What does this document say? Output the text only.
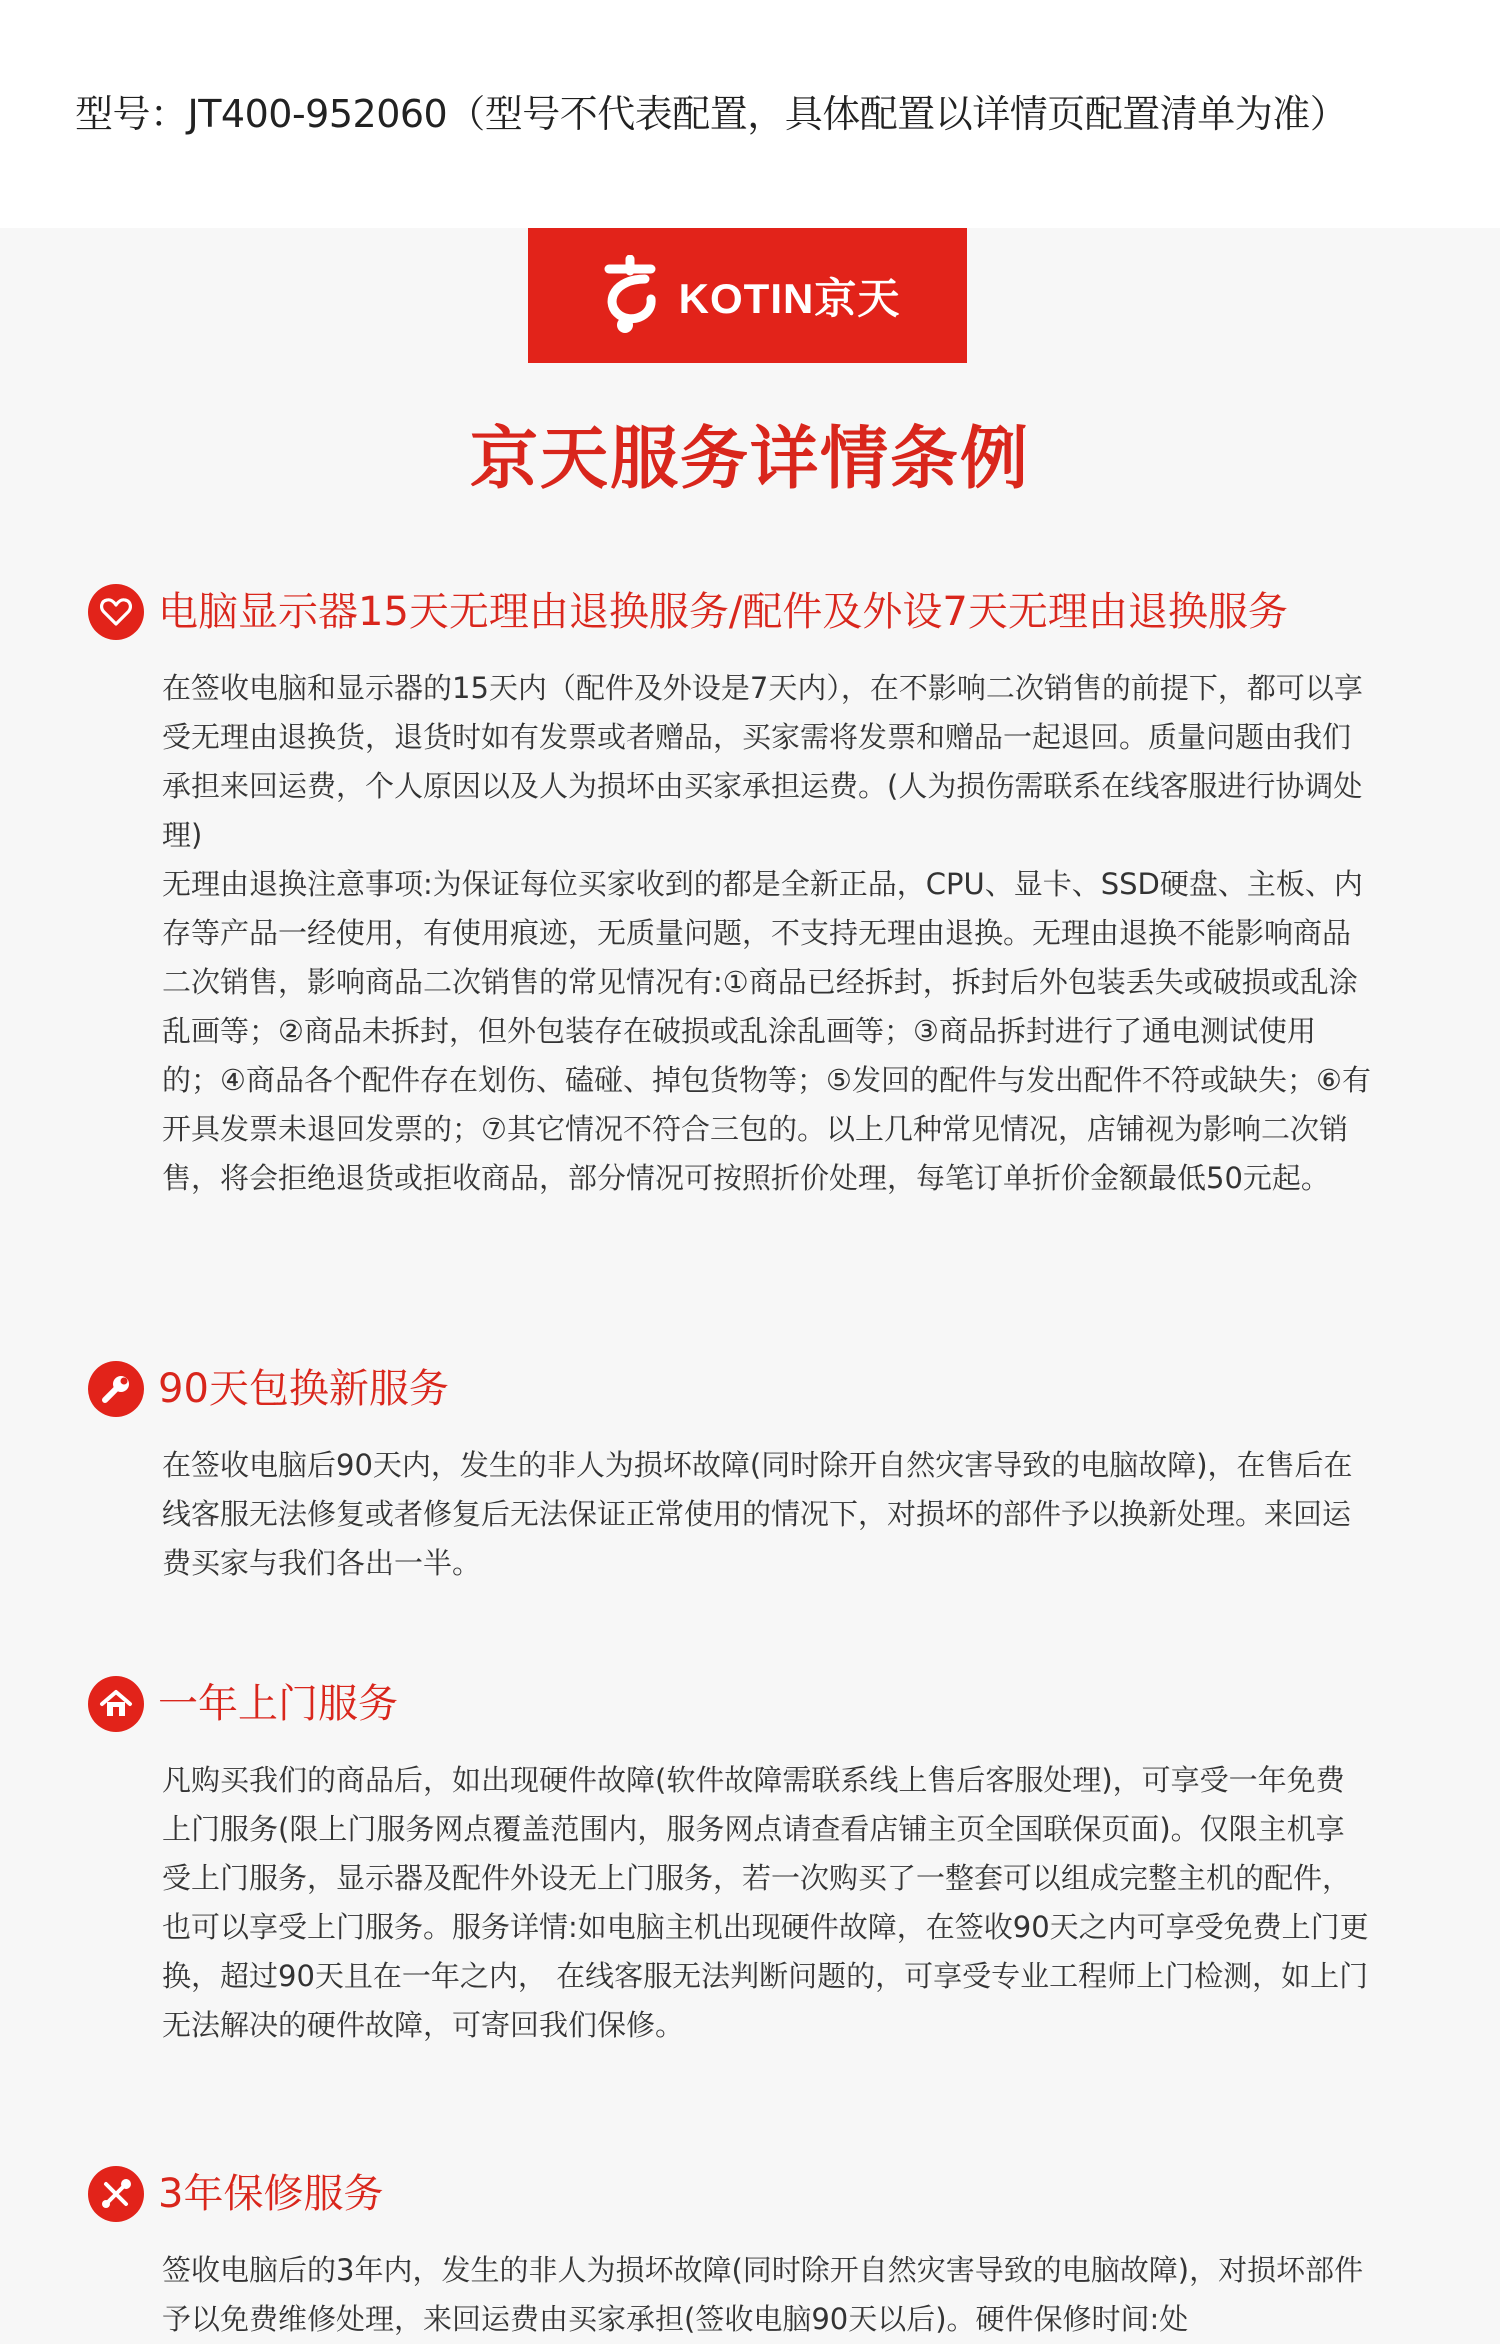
型号：JT400-952060（型号不代表配置，具体配置以详情页配置清单为准）
KOTIN京天
京天服务详情条例
电脑显示器15天无理由退换服务/配件及外设7天无理由退换服务

在签收电脑和显示器的15天内（配件及外设是7天内），在不影响二次销售的前提下，都可以享受无理由退换货，退货时如有发票或者赠品，买家需将发票和赠品一起退回。质量问题由我们承担来回运费，个人原因以及人为损坏由买家承担运费。(人为损伤需联系在线客服进行协调处理)

无理由退换注意事项:为保证每位买家收到的都是全新正品，CPU、显卡、SSD硬盘、主板、内存等产品一经使用，有使用痕迹，无质量问题，不支持无理由退换。无理由退换不能影响商品二次销售，影响商品二次销售的常见情况有:①商品已经拆封，拆封后外包装丢失或破损或乱涂乱画等；②商品未拆封，但外包装存在破损或乱涂乱画等；③商品拆封进行了通电测试使用的；④商品各个配件存在划伤、磕碰、掉包货物等；⑤发回的配件与发出配件不符或缺失；⑥有开具发票未退回发票的；⑦其它情况不符合三包的。以上几种常见情况，店铺视为影响二次销售，将会拒绝退货或拒收商品，部分情况可按照折价处理，每笔订单折价金额最低50元起。

90天包换新服务

在签收电脑后90天内，发生的非人为损坏故障(同时除开自然灾害导致的电脑故障)，在售后在线客服无法修复或者修复后无法保证正常使用的情况下，对损坏的部件予以换新处理。来回运费买家与我们各出一半。

一年上门服务

凡购买我们的商品后，如出现硬件故障(软件故障需联系线上售后客服处理)，可享受一年免费上门服务(限上门服务网点覆盖范围内，服务网点请查看店铺主页全国联保页面)。仅限主机享受上门服务，显示器及配件外设无上门服务，若一次购买了一整套可以组成完整主机的配件，也可以享受上门服务。服务详情:如电脑主机出现硬件故障，在签收90天之内可享受免费上门更换，超过90天且在一年之内， 在线客服无法判断问题的，可享受专业工程师上门检测，如上门无法解决的硬件故障，可寄回我们保修。

3年保修服务

签收电脑后的3年内，发生的非人为损坏故障(同时除开自然灾害导致的电脑故障)，对损坏部件予以免费维修处理，来回运费由买家承担(签收电脑90天以后)。硬件保修时间:处
